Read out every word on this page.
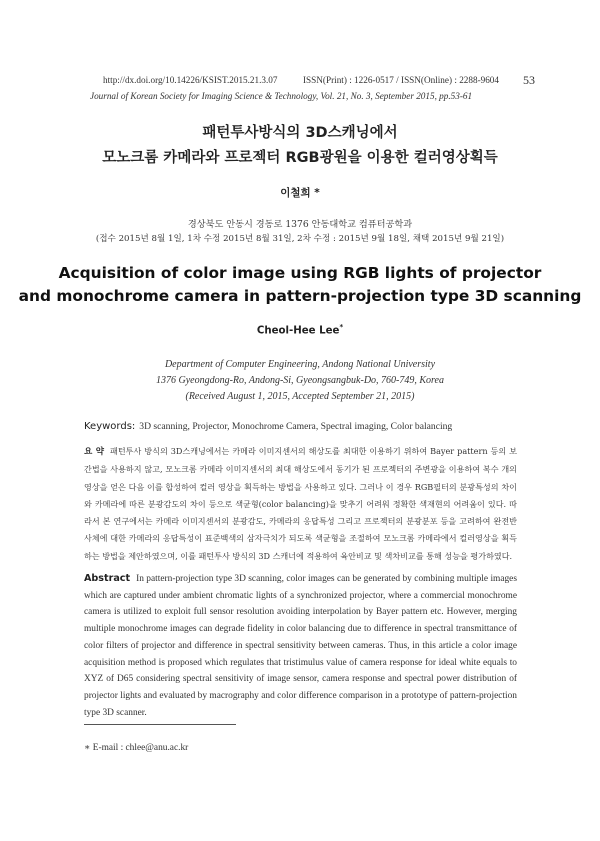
http://dx.doi.org/10.14226/KSIST.2015.21.3.07	ISSN(Print) : 1226-0517 / ISSN(Online) : 2288-9604 53
Journal of Korean Society for Imaging Science & Technology, Vol. 21, No. 3, September 2015, pp.53-61
패턴투사방식의 3D스캐닝에서
모노크롬 카메라와 프로젝터 RGB광원을 이용한 컬러영상획득
이철희 *
경상북도 안동시 경동로 1376 안동대학교 컴퓨터공학과
(접수 2015년 8월 1일, 1차 수정 2015년 8월 31일, 2차 수정 : 2015년 9월 18일, 채택 2015년 9월 21일)
Acquisition of color image using RGB lights of projector
and monochrome camera in pattern-projection type 3D scanning
Cheol-Hee Lee*
Department of Computer Engineering, Andong National University
1376 Gyeongdong-Ro, Andong-Si, Gyeongsangbuk-Do, 760-749, Korea
(Received August 1, 2015, Accepted September 21, 2015)
Keywords: 3D scanning, Projector, Monochrome Camera, Spectral imaging, Color balancing
요 약 패턴투사 방식의 3D스캐닝에서는 카메라 이미지센서의 해상도를 최대한 이용하기 위하여 Bayer pattern 등의 보간법을 사용하지 않고, 모노크롬 카메라 이미지센서의 최대 해상도에서 동기가 된 프로젝터의 주변광을 이용하여 복수 개의 영상을 얻은 다음 이를 합성하여 컬러 영상을 획득하는 방법을 사용하고 있다. 그러나 이 경우 RGB필터의 분광특성의 차이와 카메라에 따른 분광감도의 차이 등으로 색균형(color balancing)을 맞추기 어려워 정확한 색재현의 어려움이 있다. 따라서 본 연구에서는 카메라 이미지센서의 분광감도, 카메라의 응답특성 그리고 프로젝터의 분광분포 등을 고려하여 완전반사체에 대한 카메라의 응답특성이 표준백색의 삼자극치가 되도록 색균형을 조절하여 모노크롬 카메라에서 컬러영상을 획득하는 방법을 제안하였으며, 이를 패턴투사 방식의 3D 스캐너에 적용하여 육안비교 및 색차비교를 통해 성능을 평가하였다.
Abstract In pattern-projection type 3D scanning, color images can be generated by combining multiple images which are captured under ambient chromatic lights of a synchronized projector, where a commercial monochrome camera is utilized to exploit full sensor resolution avoiding interpolation by Bayer pattern etc. However, merging multiple monochrome images can degrade fidelity in color balancing due to difference in spectral transmittance of color filters of projector and difference in spectral sensitivity between cameras. Thus, in this article a color image acquisition method is proposed which regulates that tristimulus value of camera response for ideal white equals to XYZ of D65 considering spectral sensitivity of image sensor, camera response and spectral power distribution of projector lights and evaluated by macrography and color difference comparison in a prototype of pattern-projection type 3D scanner.
∗ E-mail : chlee@anu.ac.kr
